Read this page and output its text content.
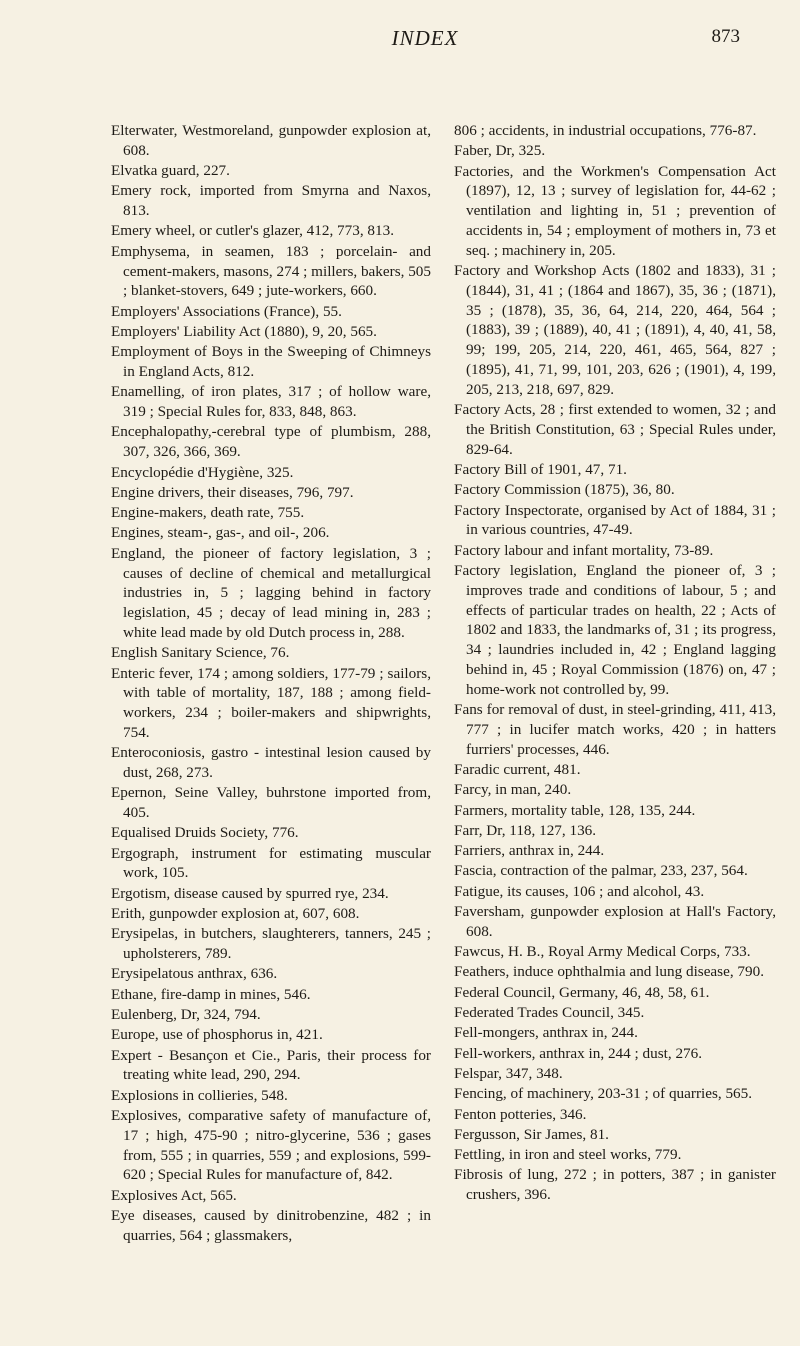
INDEX	873
Elterwater, Westmoreland, gunpowder explosion at, 608.
Elvatka guard, 227.
Emery rock, imported from Smyrna and Naxos, 813.
Emery wheel, or cutler's glazer, 412, 773, 813.
Emphysema, in seamen, 183 ; porcelain- and cement-makers, masons, 274 ; millers, bakers, 505 ; blanket-stovers, 649 ; jute-workers, 660.
Employers' Associations (France), 55.
Employers' Liability Act (1880), 9, 20, 565.
Employment of Boys in the Sweeping of Chimneys in England Acts, 812.
Enamelling, of iron plates, 317 ; of hollow ware, 319 ; Special Rules for, 833, 848, 863.
Encephalopathy,-cerebral type of plumbism, 288, 307, 326, 366, 369.
Encyclopédie d'Hygiène, 325.
Engine drivers, their diseases, 796, 797.
Engine-makers, death rate, 755.
Engines, steam-, gas-, and oil-, 206.
England, the pioneer of factory legislation, 3 ; causes of decline of chemical and metallurgical industries in, 5 ; lagging behind in factory legislation, 45 ; decay of lead mining in, 283 ; white lead made by old Dutch process in, 288.
English Sanitary Science, 76.
Enteric fever, 174 ; among soldiers, 177-79 ; sailors, with table of mortality, 187, 188 ; among field-workers, 234 ; boiler-makers and shipwrights, 754.
Enteroconiosis, gastro - intestinal lesion caused by dust, 268, 273.
Epernon, Seine Valley, buhrstone imported from, 405.
Equalised Druids Society, 776.
Ergograph, instrument for estimating muscular work, 105.
Ergotism, disease caused by spurred rye, 234.
Erith, gunpowder explosion at, 607, 608.
Erysipelas, in butchers, slaughterers, tanners, 245 ; upholsterers, 789.
Erysipelatous anthrax, 636.
Ethane, fire-damp in mines, 546.
Eulenberg, Dr, 324, 794.
Europe, use of phosphorus in, 421.
Expert - Besançon et Cie., Paris, their process for treating white lead, 290, 294.
Explosions in collieries, 548.
Explosives, comparative safety of manufacture of, 17 ; high, 475-90 ; nitro-glycerine, 536 ; gases from, 555 ; in quarries, 559 ; and explosions, 599-620 ; Special Rules for manufacture of, 842.
Explosives Act, 565.
Eye diseases, caused by dinitrobenzine, 482 ; in quarries, 564 ; glassmakers,
806 ; accidents, in industrial occupations, 776-87.
Faber, Dr, 325.
Factories, and the Workmen's Compensation Act (1897), 12, 13 ; survey of legislation for, 44-62 ; ventilation and lighting in, 51 ; prevention of accidents in, 54 ; employment of mothers in, 73 et seq. ; machinery in, 205.
Factory and Workshop Acts (1802 and 1833), 31 ; (1844), 31, 41 ; (1864 and 1867), 35, 36 ; (1871), 35 ; (1878), 35, 36, 64, 214, 220, 464, 564 ; (1883), 39 ; (1889), 40, 41 ; (1891), 4, 40, 41, 58, 99; 199, 205, 214, 220, 461, 465, 564, 827 ; (1895), 41, 71, 99, 101, 203, 626 ; (1901), 4, 199, 205, 213, 218, 697, 829.
Factory Acts, 28 ; first extended to women, 32 ; and the British Constitution, 63 ; Special Rules under, 829-64.
Factory Bill of 1901, 47, 71.
Factory Commission (1875), 36, 80.
Factory Inspectorate, organised by Act of 1884, 31 ; in various countries, 47-49.
Factory labour and infant mortality, 73-89.
Factory legislation, England the pioneer of, 3 ; improves trade and conditions of labour, 5 ; and effects of particular trades on health, 22 ; Acts of 1802 and 1833, the landmarks of, 31 ; its progress, 34 ; laundries included in, 42 ; England lagging behind in, 45 ; Royal Commission (1876) on, 47 ; home-work not controlled by, 99.
Fans for removal of dust, in steel-grinding, 411, 413, 777 ; in lucifer match works, 420 ; in hatters furriers' processes, 446.
Faradic current, 481.
Farcy, in man, 240.
Farmers, mortality table, 128, 135, 244.
Farr, Dr, 118, 127, 136.
Farriers, anthrax in, 244.
Fascia, contraction of the palmar, 233, 237, 564.
Fatigue, its causes, 106 ; and alcohol, 43.
Faversham, gunpowder explosion at Hall's Factory, 608.
Fawcus, H. B., Royal Army Medical Corps, 733.
Feathers, induce ophthalmia and lung disease, 790.
Federal Council, Germany, 46, 48, 58, 61.
Federated Trades Council, 345.
Fell-mongers, anthrax in, 244.
Fell-workers, anthrax in, 244 ; dust, 276.
Felspar, 347, 348.
Fencing, of machinery, 203-31 ; of quarries, 565.
Fenton potteries, 346.
Fergusson, Sir James, 81.
Fettling, in iron and steel works, 779.
Fibrosis of lung, 272 ; in potters, 387 ; in ganister crushers, 396.
